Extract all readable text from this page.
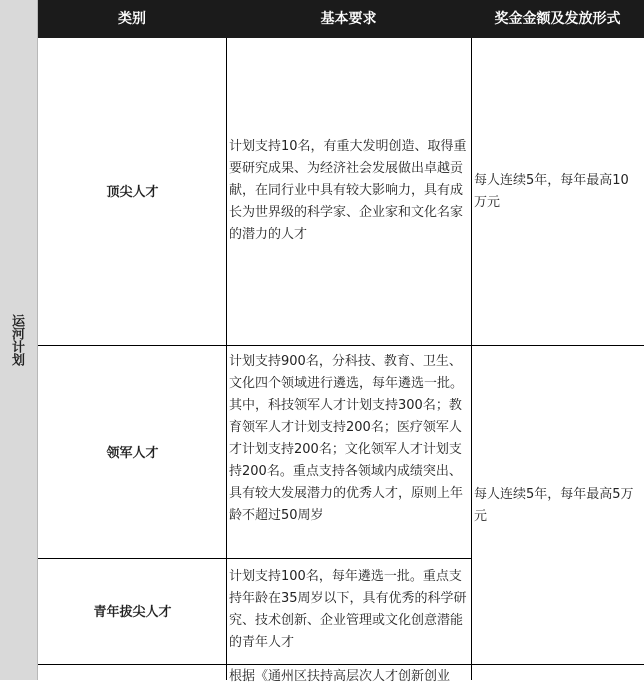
运河计划
类别	基本要求	奖金金额及发放形式
顶尖人才

计划支持10名，有重大发明创造、取得重要研究成果、为经济社会发展做出卓越贡献，在同行业中具有较大影响力，具有成长为世界级的科学家、企业家和文化名家的潜力的人才

每人连续5年，每年最高10万元

领军人才

计划支持900名，分科技、教育、卫生、文化四个领域进行遴选，每年遴选一批。其中，科技领军人才计划支持300名；教育领军人才计划支持200名；医疗领军人才计划支持200名；文化领军人才计划支持200名。重点支持各领域内成绩突出、具有较大发展潜力的优秀人才，原则上年龄不超过50周岁

每人连续5年，每年最高5万元

青年拔尖人才

计划支持100名，每年遴选一批。重点支持年龄在35周岁以下，具有优秀的科学研究、技术创新、企业管理或文化创意潜能的青年人才

根据《通州区扶持高层次人才创新创业
